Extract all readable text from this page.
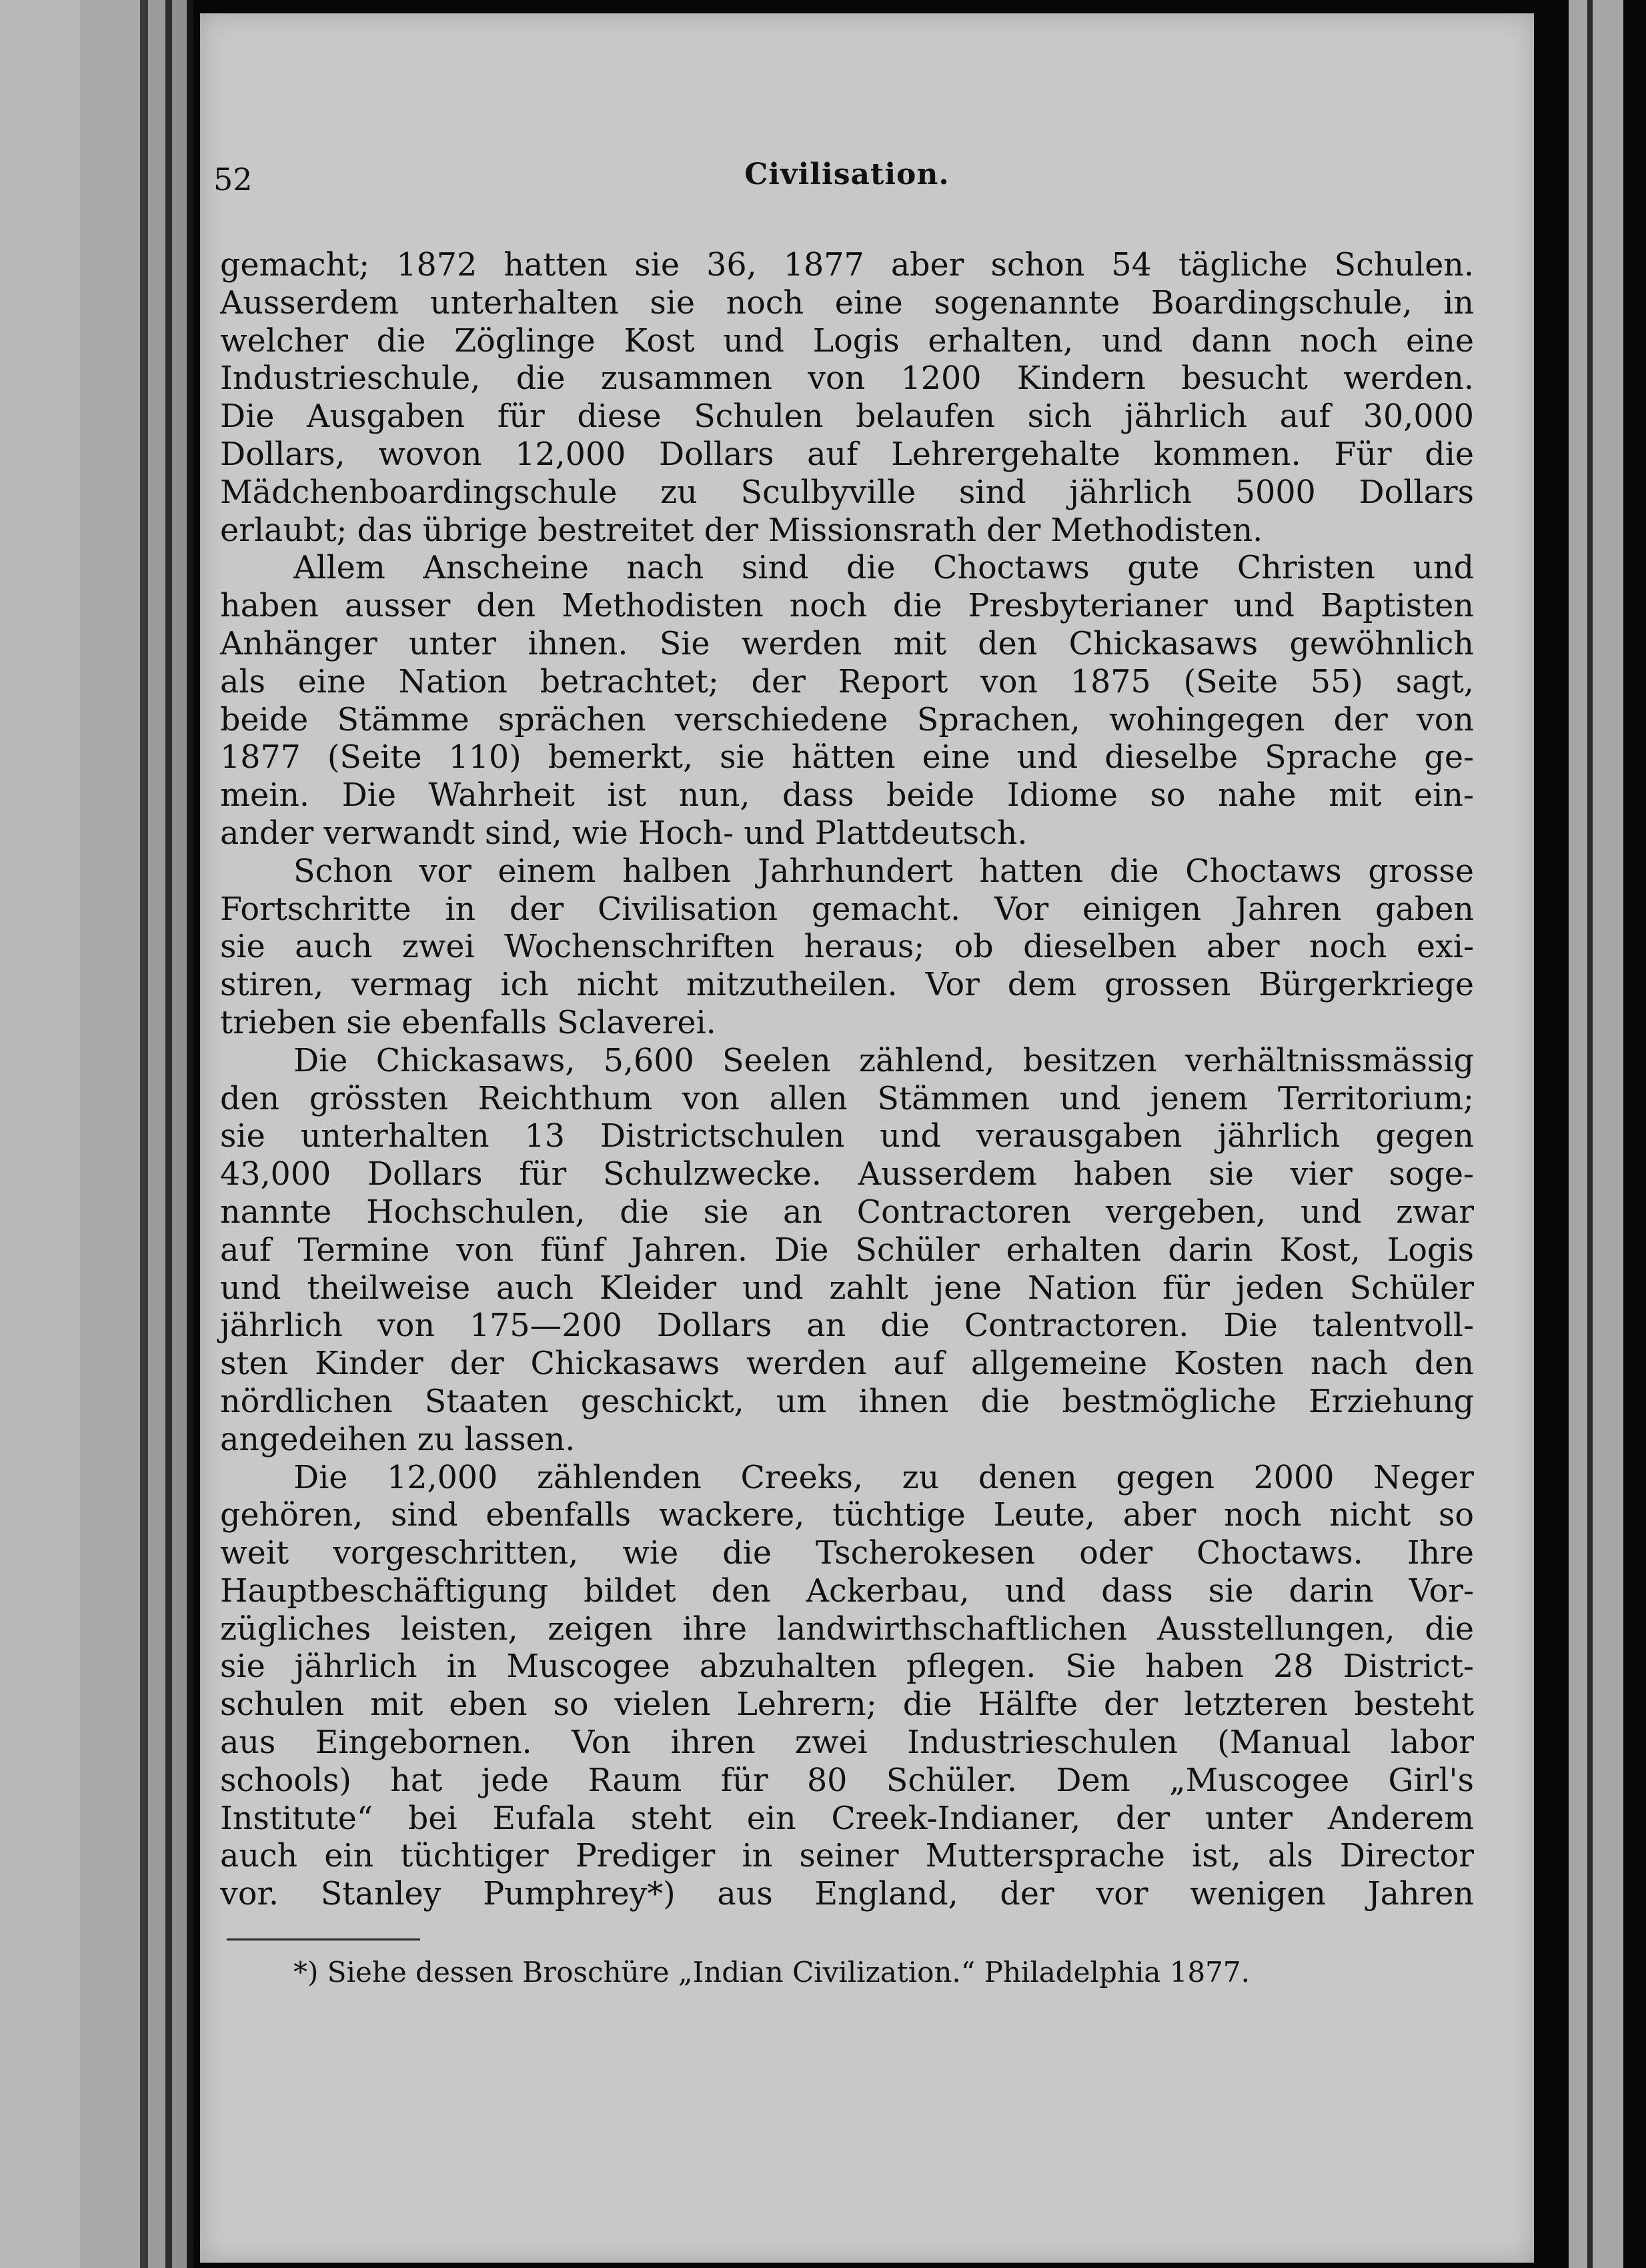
52	Civilisation.
gemacht; 1872 hatten sie 36, 1877 aber schon 54 tägliche Schulen.
Ausserdem unterhalten sie noch eine sogenannte Boardingschule, in
welcher die Zöglinge Kost und Logis erhalten, und dann noch eine
Industrieschule, die zusammen von 1200 Kindern besucht werden.
Die Ausgaben für diese Schulen belaufen sich jährlich auf 30,000
Dollars, wovon 12,000 Dollars auf Lehrergehalte kommen. Für die
Mädchenboardingschule zu Sculbyville sind jährlich 5000 Dollars
erlaubt; das übrige bestreitet der Missionsrath der Methodisten.
Allem Anscheine nach sind die Choctaws gute Christen und
haben ausser den Methodisten noch die Presbyterianer und Baptisten
Anhänger unter ihnen. Sie werden mit den Chickasaws gewöhnlich
als eine Nation betrachtet; der Report von 1875 (Seite 55) sagt,
beide Stämme sprächen verschiedene Sprachen, wohingegen der von
1877 (Seite 110) bemerkt, sie hätten eine und dieselbe Sprache ge-
mein. Die Wahrheit ist nun, dass beide Idiome so nahe mit ein-
ander verwandt sind, wie Hoch- und Plattdeutsch.
Schon vor einem halben Jahrhundert hatten die Choctaws grosse
Fortschritte in der Civilisation gemacht. Vor einigen Jahren gaben
sie auch zwei Wochenschriften heraus; ob dieselben aber noch exi-
stiren, vermag ich nicht mitzutheilen. Vor dem grossen Bürgerkriege
trieben sie ebenfalls Sclaverei.
Die Chickasaws, 5,600 Seelen zählend, besitzen verhältnissmässig
den grössten Reichthum von allen Stämmen und jenem Territorium;
sie unterhalten 13 Districtschulen und verausgaben jährlich gegen
43,000 Dollars für Schulzwecke. Ausserdem haben sie vier soge-
nannte Hochschulen, die sie an Contractoren vergeben, und zwar
auf Termine von fünf Jahren. Die Schüler erhalten darin Kost, Logis
und theilweise auch Kleider und zahlt jene Nation für jeden Schüler
jährlich von 175—200 Dollars an die Contractoren. Die talentvoll-
sten Kinder der Chickasaws werden auf allgemeine Kosten nach den
nördlichen Staaten geschickt, um ihnen die bestmögliche Erziehung
angedeihen zu lassen.
Die 12,000 zählenden Creeks, zu denen gegen 2000 Neger
gehören, sind ebenfalls wackere, tüchtige Leute, aber noch nicht so
weit vorgeschritten, wie die Tscherokesen oder Choctaws. Ihre
Hauptbeschäftigung bildet den Ackerbau, und dass sie darin Vor-
zügliches leisten, zeigen ihre landwirthschaftlichen Ausstellungen, die
sie jährlich in Muscogee abzuhalten pflegen. Sie haben 28 District-
schulen mit eben so vielen Lehrern; die Hälfte der letzteren besteht
aus Eingebornen. Von ihren zwei Industrieschulen (Manual labor
schools) hat jede Raum für 80 Schüler. Dem „Muscogee Girl's
Institute“ bei Eufala steht ein Creek-Indianer, der unter Anderem
auch ein tüchtiger Prediger in seiner Muttersprache ist, als Director
vor. Stanley Pumphrey*) aus England, der vor wenigen Jahren
*) Siehe dessen Broschüre „Indian Civilization.“ Philadelphia 1877.
